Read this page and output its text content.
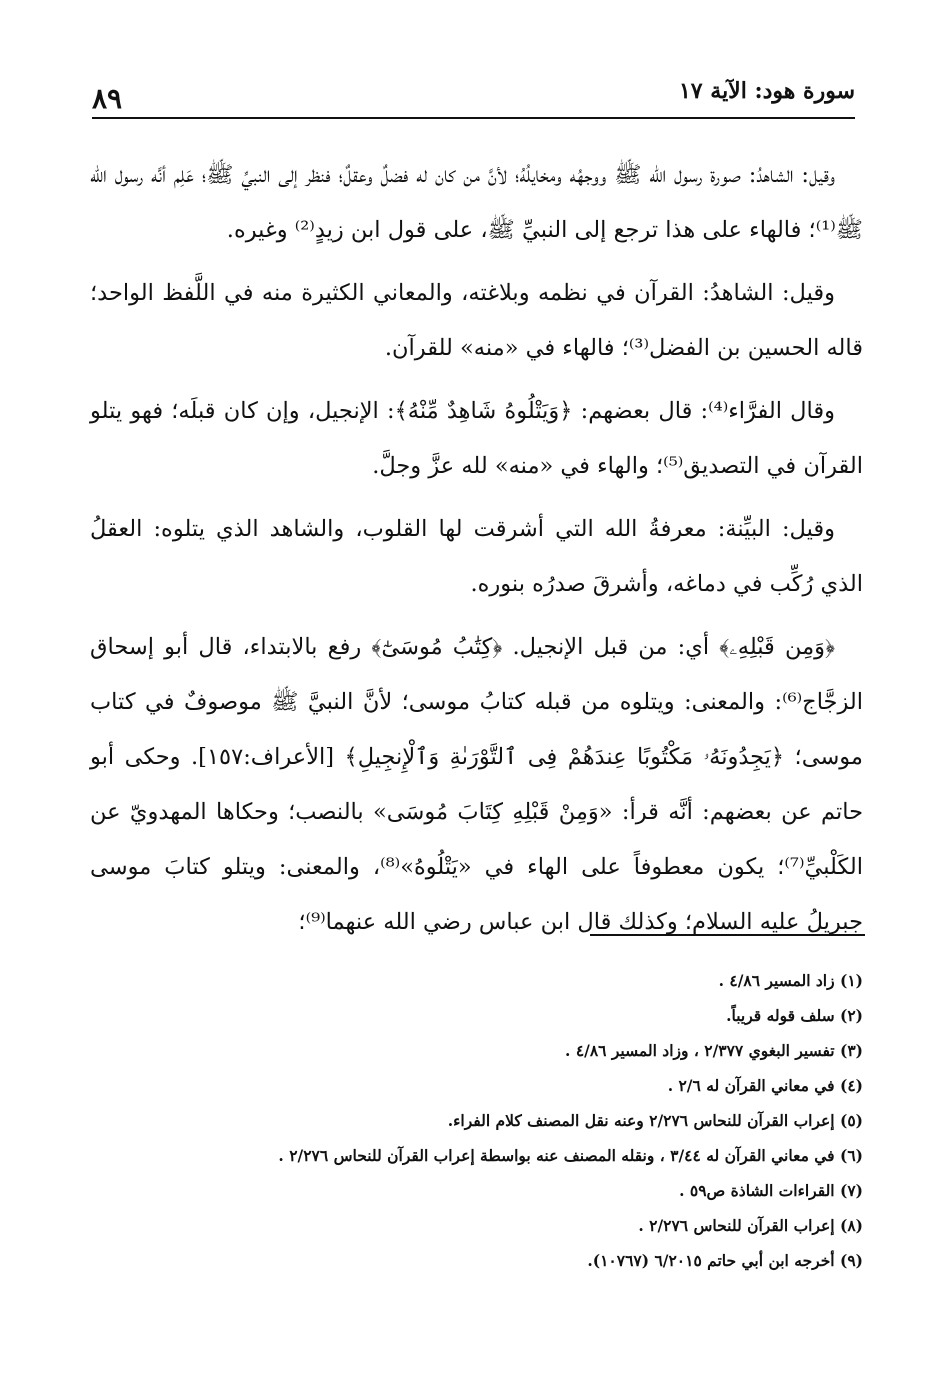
٨٩	سورة هود: الآية ١٧

وقيل: الشاهدُ: صورة رسول الله ﷺ ووجهُه ومخايلُهُ؛ لأنَّ من كان له فضلٌ وعقلٌ؛ فنظر إلى النبيِّ ﷺ؛ عَلِم أنَّه رسول الله ﷺ⁽¹⁾؛ فالهاء على هذا ترجع إلى النبيِّ ﷺ، على قول ابن زيدٍ⁽²⁾ وغيره.

وقيل: الشاهدُ: القرآن في نظمه وبلاغته، والمعاني الكثيرة منه في اللَّفظ الواحد؛ قاله الحسين بن الفضل⁽³⁾؛ فالهاء في «منه» للقرآن.

وقال الفرَّاء⁽⁴⁾: قال بعضهم: ﴿وَيَتْلُوهُ شَاهِدٌ مِّنْهُ﴾: الإنجيل، وإن كان قبلَه؛ فهو يتلو القرآن في التصديق⁽⁵⁾؛ والهاء في «منه» لله عزَّ وجلَّ.

وقيل: البيِّنة: معرفةُ الله التي أشرقت لها القلوب، والشاهد الذي يتلوه: العقلُ الذي رُكِّب في دماغه، وأشرقَ صدرُه بنوره.

﴿وَمِن قَبْلِهِۦ﴾ أي: من قبل الإنجيل. ﴿كِتَٰبُ مُوسَىٰٓ﴾ رفع بالابتداء، قال أبو إسحاق الزجَّاج⁽⁶⁾: والمعنى: ويتلوه من قبله كتابُ موسى؛ لأنَّ النبيَّ ﷺ موصوفٌ في كتاب موسى؛ ﴿يَجِدُونَهُۥ مَكْتُوبًا عِندَهُمْ فِى ٱلتَّوْرَىٰةِ وَٱلْإِنجِيلِ﴾ [الأعراف:١٥٧]. وحكى أبو حاتم عن بعضهم: أنَّه قرأ: «وَمِنْ قَبْلِهِ كِتَابَ مُوسَى» بالنصب؛ وحكاها المهدويّ عن الكَلْبيِّ⁽⁷⁾؛ يكون معطوفاً على الهاء في «يَتْلُوهُ»⁽⁸⁾، والمعنى: ويتلو كتابَ موسى جبريلُ عليه السلام؛ وكذلك قال ابن عباس رضي الله عنهما⁽⁹⁾؛

(١) زاد المسير ٤/٨٦ .
(٢) سلف قوله قريباً.
(٣) تفسير البغوي ٢/٣٧٧ ، وزاد المسير ٤/٨٦ .
(٤) في معاني القرآن له ٢/٦ .
(٥) إعراب القرآن للنحاس ٢/٢٧٦ وعنه نقل المصنف كلام الفراء.
(٦) في معاني القرآن له ٣/٤٤ ، ونقله المصنف عنه بواسطة إعراب القرآن للنحاس ٢/٢٧٦ .
(٧) القراءات الشاذة ص٥٩ .
(٨) إعراب القرآن للنحاس ٢/٢٧٦ .
(٩) أخرجه ابن أبي حاتم ٦/٢٠١٥ (١٠٧٦٧).
